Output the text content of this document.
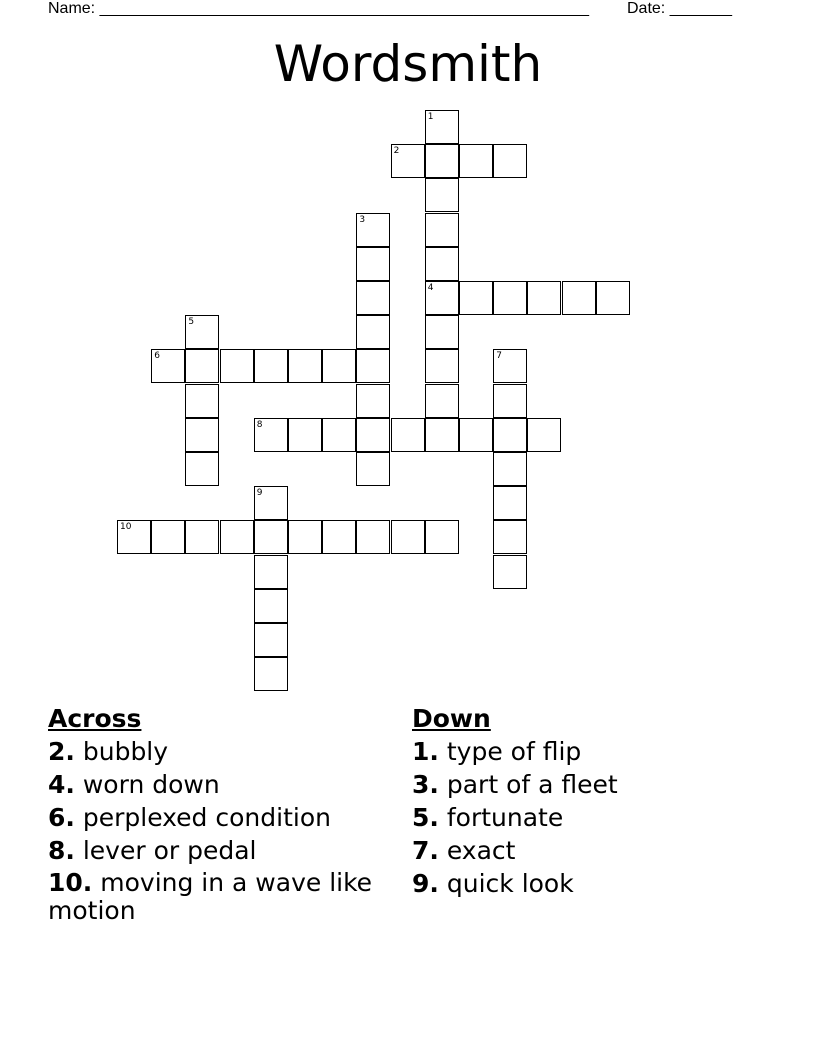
Name: _______________________________________________________ Date: _______
Wordsmith
1
2
3
4
5
6	7
8
9
10
Across
2. bubbly
4. worn down
6. perplexed condition
8. lever or pedal
10. moving in a wave like motion
Down
1. type of flip
3. part of a fleet
5. fortunate
7. exact
9. quick look
